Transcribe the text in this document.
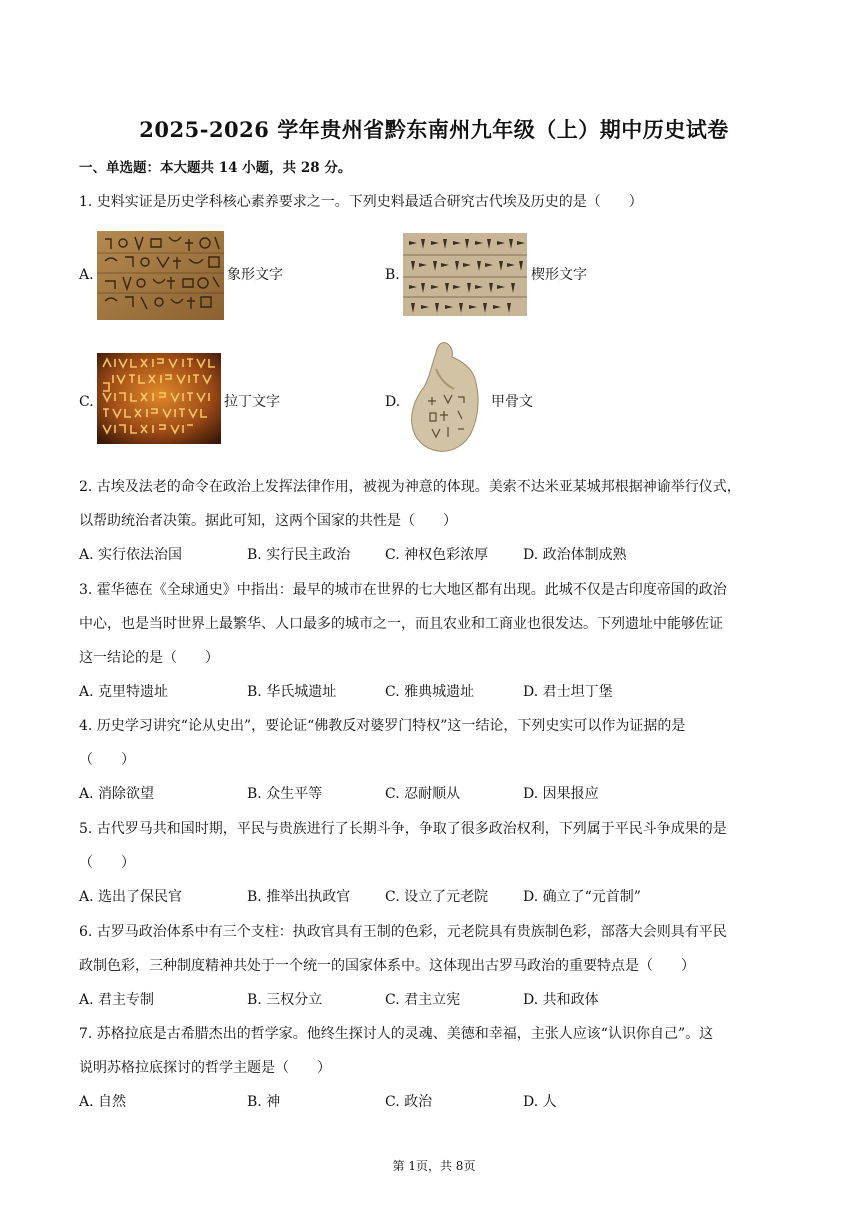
2025-2026 学年贵州省黔东南州九年级（上）期中历史试卷
一、单选题：本大题共 14 小题，共 28 分。
1. 史料实证是历史学科核心素养要求之一。下列史料最适合研究古代埃及历史的是（　　）
A.	象形文字	B.	楔形文字
C.	拉丁文字	D.	甲骨文
2. 古埃及法老的命令在政治上发挥法律作用，被视为神意的体现。美索不达米亚某城邦根据神谕举行仪式，
以帮助统治者决策。据此可知，这两个国家的共性是（　　）
A. 实行依法治国	B. 实行民主政治 C. 神权色彩浓厚 D. 政治体制成熟
3. 霍华德在《全球通史》中指出：最早的城市在世界的七大地区都有出现。此城不仅是古印度帝国的政治
中心，也是当时世界上最繁华、人口最多的城市之一，而且农业和工商业也很发达。下列遗址中能够佐证
这一结论的是（　　）
A. 克里特遗址	B. 华氏城遗址	C. 雅典城遗址	D. 君士坦丁堡
4. 历史学习讲究“论从史出”，要论证“佛教反对婆罗门特权”这一结论，下列史实可以作为证据的是
（　　）
A. 消除欲望	B. 众生平等	C. 忍耐顺从	D. 因果报应
5. 古代罗马共和国时期，平民与贵族进行了长期斗争，争取了很多政治权利，下列属于平民斗争成果的是
（　　）
A. 选出了保民官	B. 推举出执政官 C. 设立了元老院 D. 确立了“元首制”
6. 古罗马政治体系中有三个支柱：执政官具有王制的色彩，元老院具有贵族制色彩，部落大会则具有平民
政制色彩，三种制度精神共处于一个统一的国家体系中。这体现出古罗马政治的重要特点是（　　）
A. 君主专制	B. 三权分立	C. 君主立宪	D. 共和政体
7. 苏格拉底是古希腊杰出的哲学家。他终生探讨人的灵魂、美德和幸福，主张人应该“认识你自己”。这
说明苏格拉底探讨的哲学主题是（　　）
A. 自然	B. 神	C. 政治	D. 人
第 1页，共 8页
